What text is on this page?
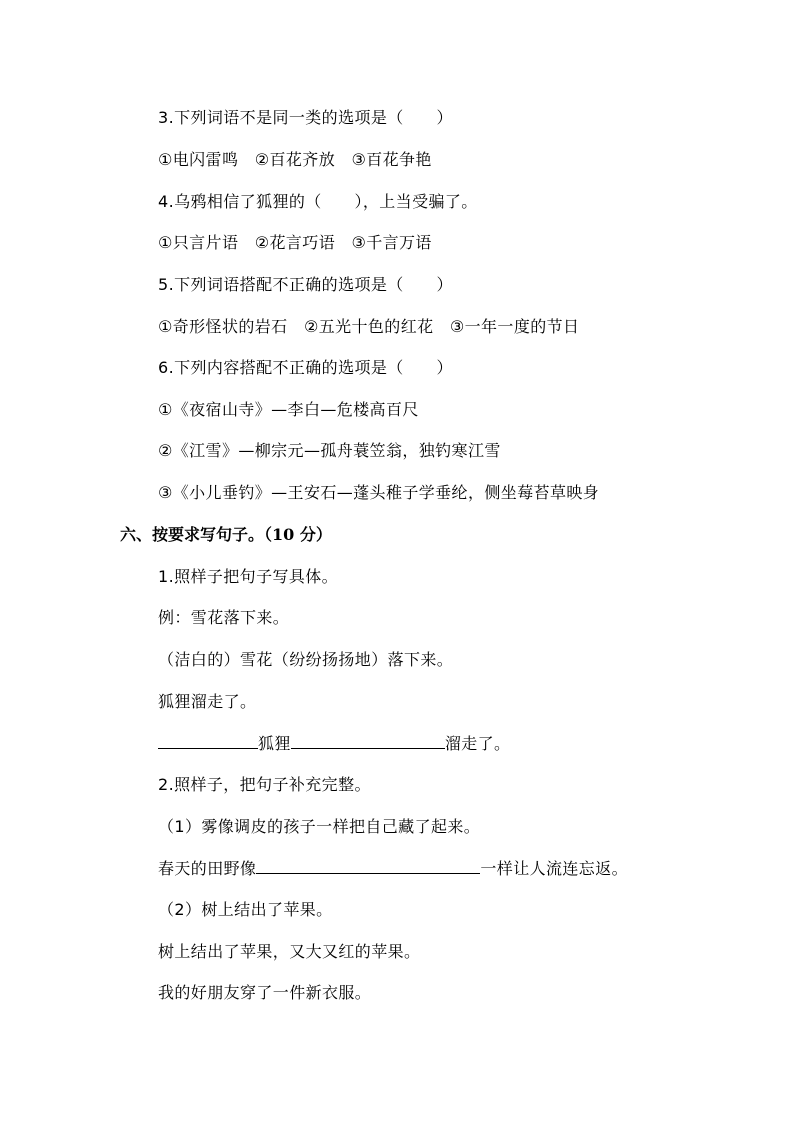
3.下列词语不是同一类的选项是（　　）
①电闪雷鸣　②百花齐放　③百花争艳
4.乌鸦相信了狐狸的（　　），上当受骗了。
①只言片语　②花言巧语　③千言万语
5.下列词语搭配不正确的选项是（　　）
①奇形怪状的岩石　②五光十色的红花　③一年一度的节日
6.下列内容搭配不正确的选项是（　　）
①《夜宿山寺》—李白—危楼高百尺
②《江雪》—柳宗元—孤舟蓑笠翁，独钓寒江雪
③《小儿垂钓》—王安石—蓬头稚子学垂纶，侧坐莓苔草映身
六、按要求写句子。（10 分）
1.照样子把句子写具体。
例：雪花落下来。
（洁白的）雪花（纷纷扬扬地）落下来。
狐狸溜走了。
狐狸	溜走了。
2.照样子，把句子补充完整。
（1）雾像调皮的孩子一样把自己藏了起来。
春天的田野像	一样让人流连忘返。
（2）树上结出了苹果。
树上结出了苹果，又大又红的苹果。
我的好朋友穿了一件新衣服。
